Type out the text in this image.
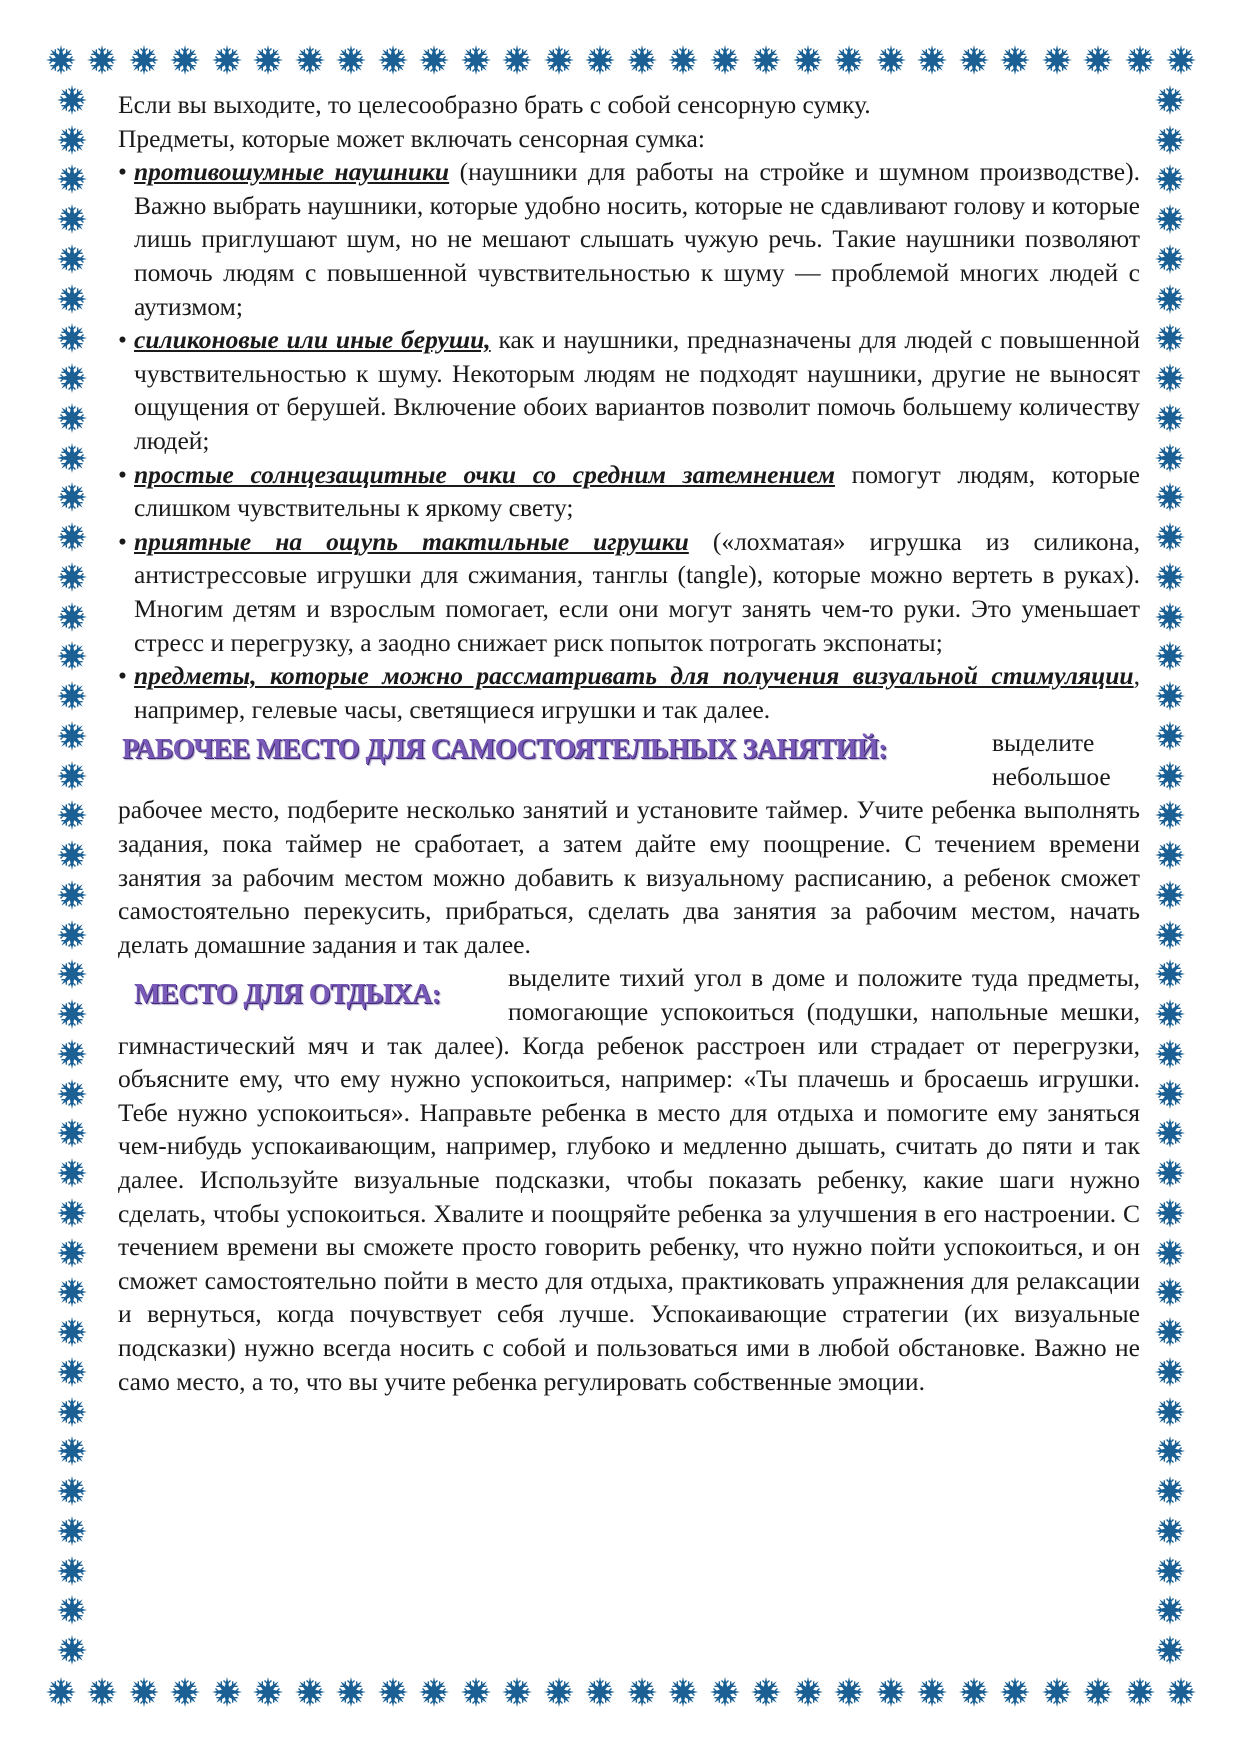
Если вы выходите, то целесообразно брать с собой сенсорную сумку.

Предметы, которые может включать сенсорная сумка:

• противошумные наушники (наушники для работы на стройке и шумном производстве). Важно выбрать наушники, которые удобно носить, которые не сдавливают голову и которые лишь приглушают шум, но не мешают слышать чужую речь. Такие наушники позволяют помочь людям с повышенной чувствительностью к шуму — проблемой многих людей с аутизмом;
• силиконовые или иные беруши, как и наушники, предназначены для людей с повышенной чувствительностью к шуму. Некоторым людям не подходят наушники, другие не выносят ощущения от берушей. Включение обоих вариантов позволит помочь большему количеству людей;
• простые солнцезащитные очки со средним затемнением помогут людям, которые слишком чувствительны к яркому свету;
• приятные на ощупь тактильные игрушки («лохматая» игрушка из силикона, антистрессовые игрушки для сжимания, танглы (tangle), которые можно вертеть в руках). Многим детям и взрослым помогает, если они могут занять чем-то руки. Это уменьшает стресс и перегрузку, а заодно снижает риск попыток потрогать экспонаты;
• предметы, которые можно рассматривать для получения визуальной стимуляции, например, гелевые часы, светящиеся игрушки и так далее.
РАБОЧЕЕ МЕСТО ДЛЯ САМОСТОЯТЕЛЬНЫХ ЗАНЯТИЙ:	выделите небольшое

рабочее место, подберите несколько занятий и установите таймер. Учите ребенка выполнять задания, пока таймер не сработает, а затем дайте ему поощрение. С течением времени занятия за рабочим местом можно добавить к визуальному расписанию, а ребенок сможет самостоятельно перекусить, прибраться, сделать два занятия за рабочим местом, начать делать домашние задания и так далее.

МЕСТО ДЛЯ ОТДЫХА:

выделите тихий угол в доме и положите туда предметы, помогающие успокоиться (подушки, напольные мешки, гимнастический мяч и так далее). Когда ребенок расстроен или страдает от перегрузки, объясните ему, что ему нужно успокоиться, например: «Ты плачешь и бросаешь игрушки. Тебе нужно успокоиться». Направьте ребенка в место для отдыха и помогите ему заняться чем-нибудь успокаивающим, например, глубоко и медленно дышать, считать до пяти и так далее. Используйте визуальные подсказки, чтобы показать ребенку, какие шаги нужно сделать, чтобы успокоиться. Хвалите и поощряйте ребенка за улучшения в его настроении. С течением времени вы сможете просто говорить ребенку, что нужно пойти успокоиться, и он сможет самостоятельно пойти в место для отдыха, практиковать упражнения для релаксации и вернуться, когда почувствует себя лучше. Успокаивающие стратегии (их визуальные подсказки) нужно всегда носить с собой и пользоваться ими в любой обстановке. Важно не само место, а то, что вы учите ребенка регулировать собственные эмоции.
